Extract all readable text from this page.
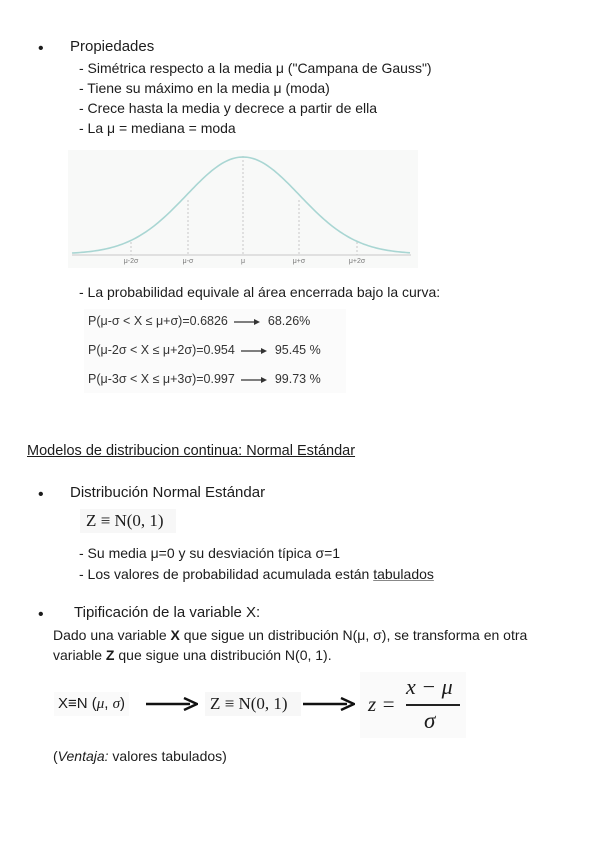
• Propiedades
- Simétrica respecto a la media μ ("Campana de Gauss")
- Tiene su máximo en la media μ (moda)
- Crece hasta la media y decrece a partir de ella
- La μ = mediana = moda
μ-2σ	μ-σ	μ	μ+σ	μ+2σ
- La probabilidad equivale al área encerrada bajo la curva:
P(μ-σ < X ≤ μ+σ)=0.6826	68.26%
P(μ-2σ < X ≤ μ+2σ)=0.954	95.45 %
P(μ-3σ < X ≤ μ+3σ)=0.997	99.73 %
Modelos de distribucion continua: Normal Estándar
• Distribución Normal Estándar
Z ≡ N(0, 1)
- Su media μ=0 y su desviación típica σ=1
- Los valores de probabilidad acumulada están tabulados
• Tipificación de la variable X:
Dado una variable X que sigue un distribución N(μ, σ), se transforma en otra
variable Z que sigue una distribución N(0, 1).
X≡N (μ, σ)	Z ≡ N(0, 1)	z =
x − μ
σ
(Ventaja: valores tabulados)
